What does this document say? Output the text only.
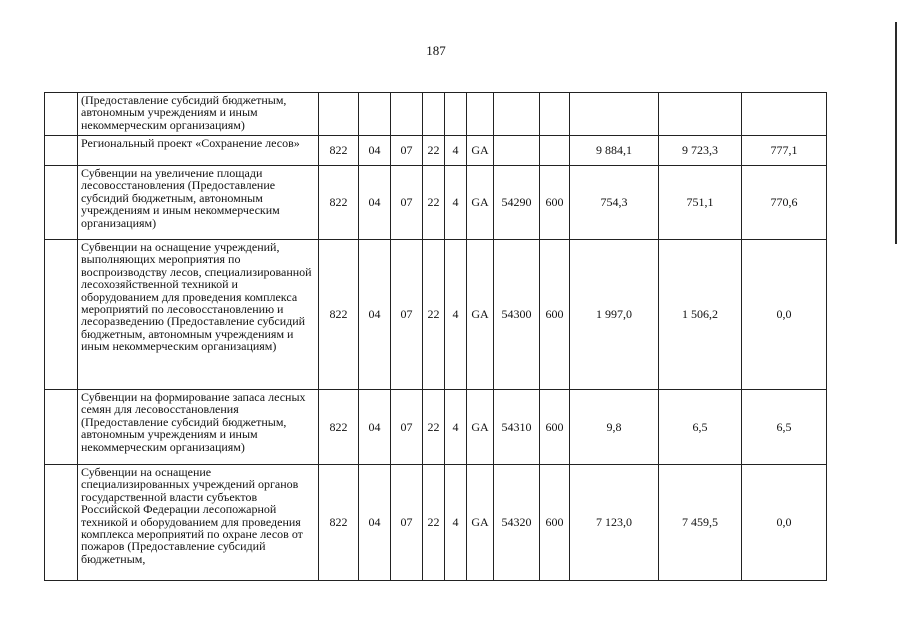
187
	(Предоставление субсидий бюджетным, автономным учреждениям и иным некоммерческим организациям)											
	Региональный проект «Сохранение лесов»	822	04	07	22	4	GA			9 884,1	9 723,3	777,1
	Субвенции на увеличение площади лесовосстановления (Предоставление субсидий бюджетным, автономным учреждениям и иным некоммерческим организациям)	822	04	07	22	4	GA	54290	600	754,3	751,1	770,6
	Субвенции на оснащение учреждений, выполняющих мероприятия по воспроизводству лесов, специализированной лесохозяйственной техникой и оборудованием для проведения комплекса мероприятий по лесовосстановлению и лесоразведению (Предоставление субсидий бюджетным, автономным учреждениям и иным некоммерческим организациям)	822	04	07	22	4	GA	54300	600	1 997,0	1 506,2	0,0
	Субвенции на формирование запаса лесных семян для лесовосстановления (Предоставление субсидий бюджетным, автономным учреждениям и иным некоммерческим организациям)	822	04	07	22	4	GA	54310	600	9,8	6,5	6,5
	Субвенции на оснащение специализированных учреждений органов государственной власти субъектов Российской Федерации лесопожарной техникой и оборудованием для проведения комплекса мероприятий по охране лесов от пожаров (Предоставление субсидий бюджетным,	822	04	07	22	4	GA	54320	600	7 123,0	7 459,5	0,0
